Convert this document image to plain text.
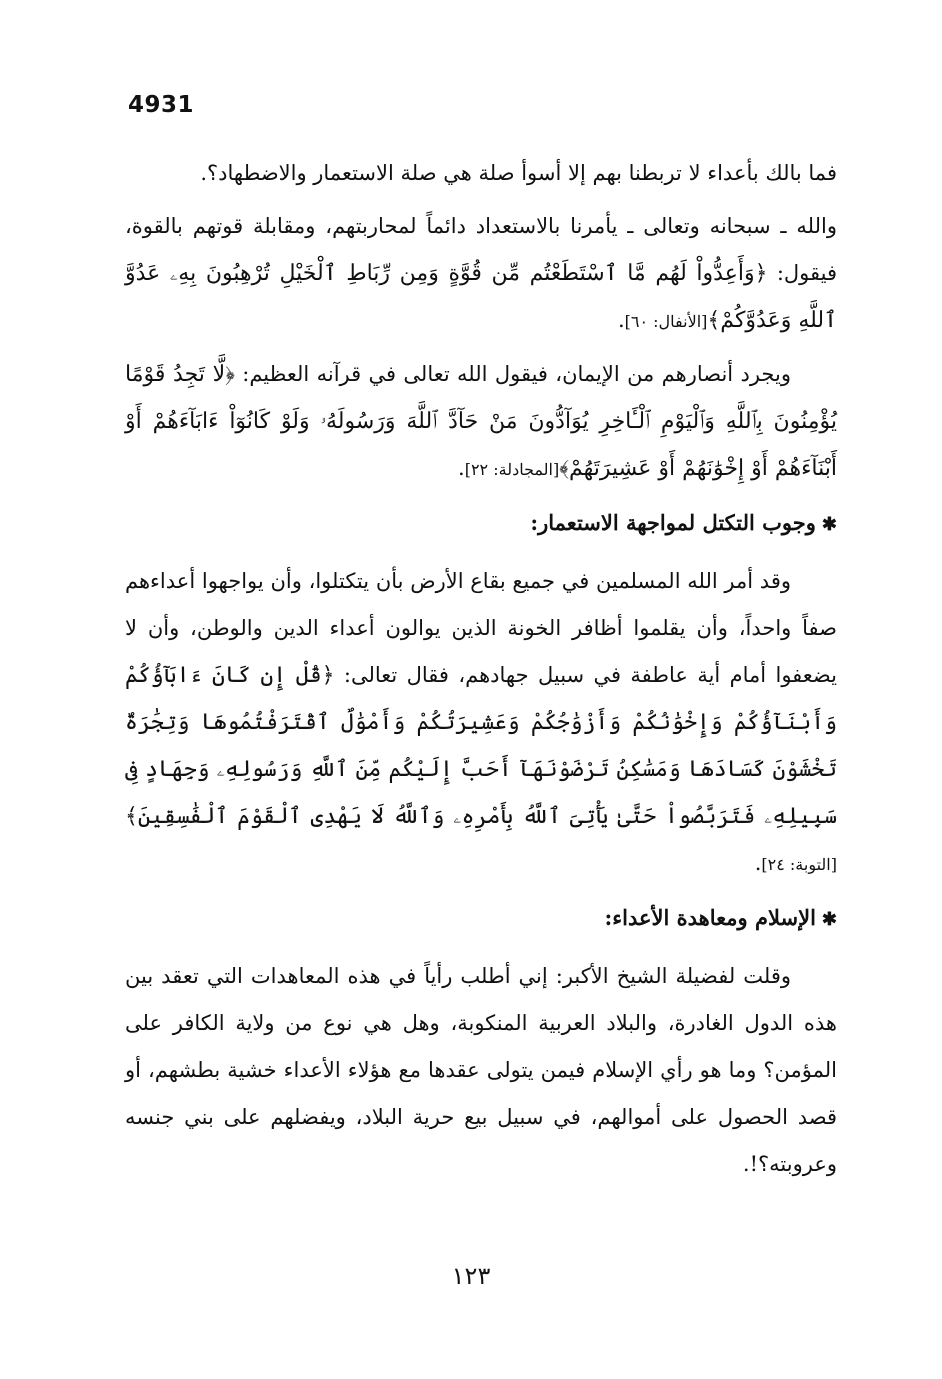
4931

فما بالك بأعداء لا تربطنا بهم إلا أسوأ صلة هي صلة الاستعمار والاضطهاد؟.

والله ـ سبحانه وتعالى ـ يأمرنا بالاستعداد دائماً لمحاربتهم، ومقابلة قوتهم بالقوة، فيقول: ﴿وَأَعِدُّواْ لَهُم مَّا ٱسْتَطَعْتُم مِّن قُوَّةٍ وَمِن رِّبَاطِ ٱلْخَيْلِ تُرْهِبُونَ بِهِۦ عَدُوَّ ٱللَّهِ وَعَدُوَّكُمْ﴾[الأنفال: ٦٠].

ويجرد أنصارهم من الإيمان، فيقول الله تعالى في قرآنه العظيم: ﴿لَّا تَجِدُ قَوْمًا يُؤْمِنُونَ بِٱللَّهِ وَٱلْيَوْمِ ٱلْـَٔاخِرِ يُوَآدُّونَ مَنْ حَآدَّ ٱللَّهَ وَرَسُولَهُۥ وَلَوْ كَانُوٓاْ ءَابَآءَهُمْ أَوْ أَبْنَآءَهُمْ أَوْ إِخْوَٰنَهُمْ أَوْ عَشِيرَتَهُمْ﴾[المجادلة: ٢٢].

✱وجوب التكتل لمواجهة الاستعمار:

وقد أمر الله المسلمين في جميع بقاع الأرض بأن يتكتلوا، وأن يواجهوا أعداءهم صفاً واحداً، وأن يقلموا أظافر الخونة الذين يوالون أعداء الدين والوطن، وأن لا يضعفوا أمام أية عاطفة في سبيل جهادهم، فقال تعالى: ﴿قُلْ إِن كَانَ ءَابَآؤُكُمْ وَأَبْنَآؤُكُمْ وَإِخْوَٰنُكُمْ وَأَزْوَٰجُكُمْ وَعَشِيرَتُكُمْ وَأَمْوَٰلٌ ٱقْتَرَفْتُمُوهَا وَتِجَٰرَةٌ تَخْشَوْنَ كَسَادَهَا وَمَسَٰكِنُ تَرْضَوْنَهَآ أَحَبَّ إِلَيْكُم مِّنَ ٱللَّهِ وَرَسُولِهِۦ وَجِهَادٍ فِى سَبِيلِهِۦ فَتَرَبَّصُواْ حَتَّىٰ يَأْتِىَ ٱللَّهُ بِأَمْرِهِۦ وَٱللَّهُ لَا يَهْدِى ٱلْقَوْمَ ٱلْفَٰسِقِينَ﴾[التوبة: ٢٤].

✱الإسلام ومعاهدة الأعداء:

وقلت لفضيلة الشيخ الأكبر: إني أطلب رأياً في هذه المعاهدات التي تعقد بين هذه الدول الغادرة، والبلاد العربية المنكوبة، وهل هي نوع من ولاية الكافر على المؤمن؟ وما هو رأي الإسلام فيمن يتولى عقدها مع هؤلاء الأعداء خشية بطشهم، أو قصد الحصول على أموالهم، في سبيل بيع حرية البلاد، ويفضلهم على بني جنسه وعروبته؟!.

١٢٣
